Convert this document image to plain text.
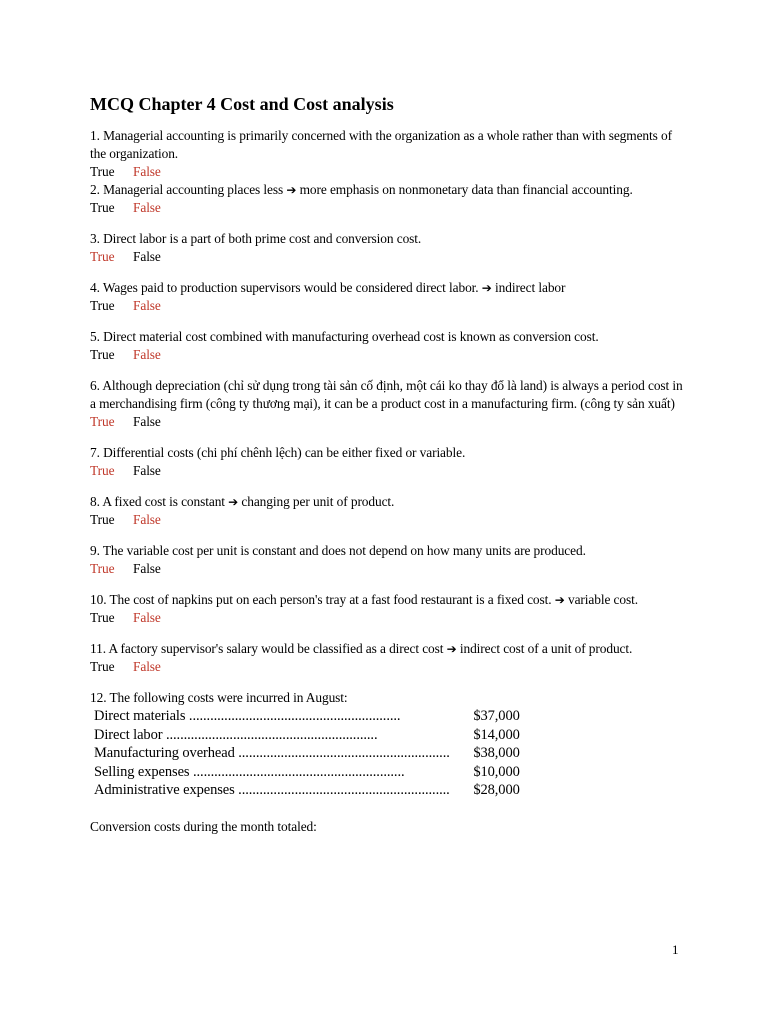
MCQ Chapter 4 Cost and Cost analysis
1. Managerial accounting is primarily concerned with the organization as a whole rather than with segments of the organization.
True False
2. Managerial accounting places less ➔ more emphasis on nonmonetary data than financial accounting.
True False
3. Direct labor is a part of both prime cost and conversion cost.
True False
4. Wages paid to production supervisors would be considered direct labor. ➔ indirect labor
True False
5. Direct material cost combined with manufacturing overhead cost is known as conversion cost.
True False
6. Although depreciation (chỉ sử dụng trong tài sản cố định, một cái ko thay đổ là land) is always a period cost in a merchandising firm (công ty thương mại), it can be a product cost in a manufacturing firm. (công ty sản xuất)
True False
7. Differential costs (chi phí chênh lệch) can be either fixed or variable.
True False
8. A fixed cost is constant ➔ changing per unit of product.
True False
9. The variable cost per unit is constant and does not depend on how many units are produced.
True False
10. The cost of napkins put on each person's tray at a fast food restaurant is a fixed cost. ➔ variable cost.
True False
11. A factory supervisor's salary would be classified as a direct cost ➔ indirect cost of a unit of product.
True False
12. The following costs were incurred in August:
Direct materials ............................................................	$37,000
Direct labor ............................................................	$14,000
Manufacturing overhead ............................................................	$38,000
Selling expenses ............................................................	$10,000
Administrative expenses ............................................................	$28,000
Conversion costs during the month totaled:
1
